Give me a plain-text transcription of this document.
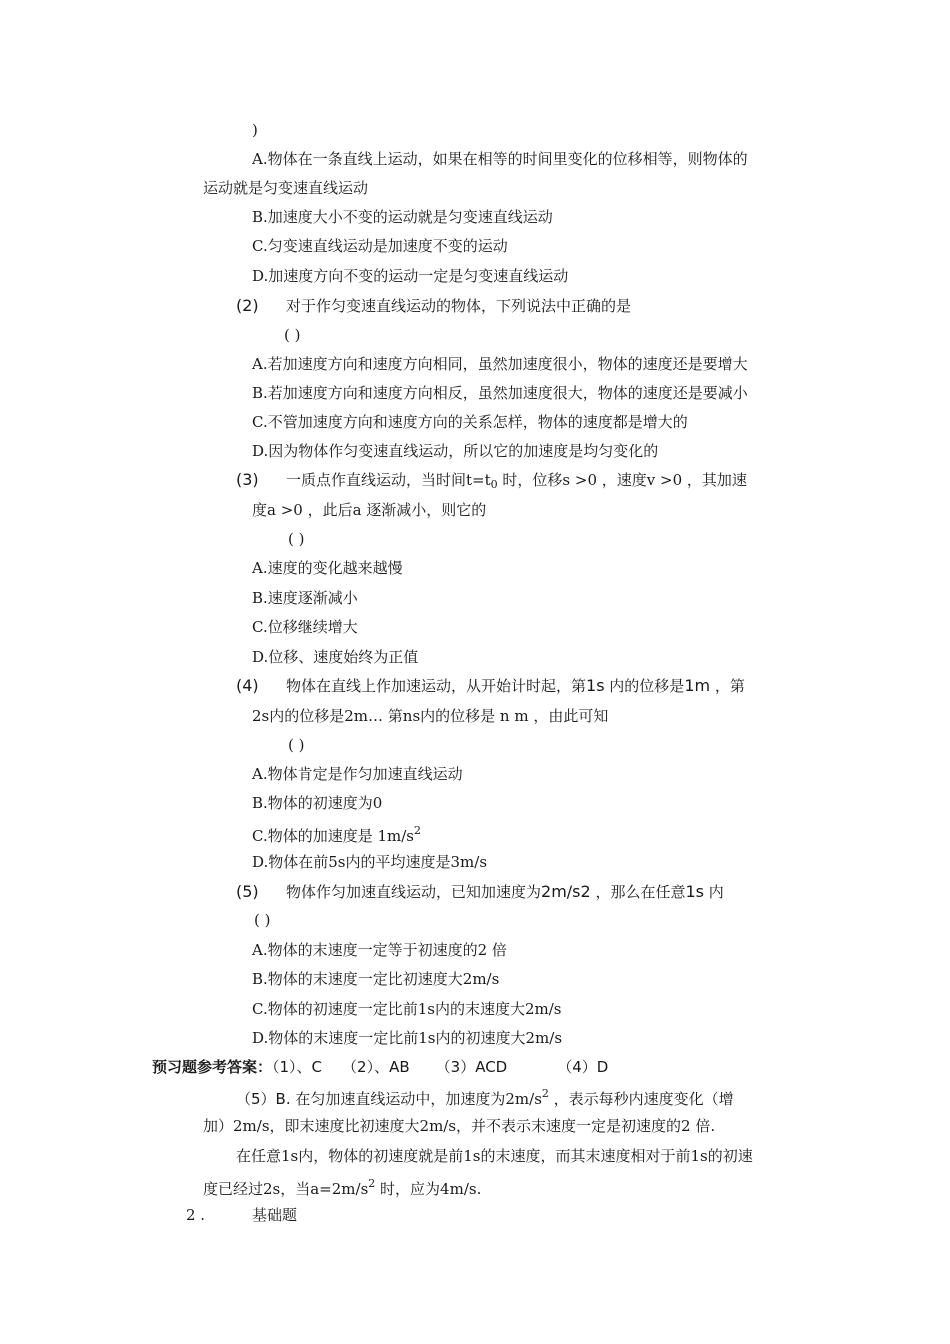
)
A.物体在一条直线上运动，如果在相等的时间里变化的位移相等，则物体的
运动就是匀变速直线运动
B.加速度大小不变的运动就是匀变速直线运动
C.匀变速直线运动是加速度不变的运动
D.加速度方向不变的运动一定是匀变速直线运动
(2) 对于作匀变速直线运动的物体，下列说法中正确的是
( )
A.若加速度方向和速度方向相同，虽然加速度很小，物体的速度还是要增大
B.若加速度方向和速度方向相反，虽然加速度很大，物体的速度还是要减小
C.不管加速度方向和速度方向的关系怎样，物体的速度都是增大的
D.因为物体作匀变速直线运动，所以它的加速度是均匀变化的
(3) 一质点作直线运动，当时间$t=t_0$ 时，位移s >0 ，速度v >0 ，其加速
度a >0 ，此后a 逐渐减小，则它的
( )
A.速度的变化越来越慢
B.速度逐渐减小
C.位移继续增大
D.位移、速度始终为正值
(4) 物体在直线上作加速运动，从开始计时起，第1s 内的位移是1m ，第
2s内的位移是2m… 第ns内的位移是 n m ，由此可知
( )
A.物体肯定是作匀加速直线运动
B.物体的初速度为0
C.物体的加速度是 $1m/s^2$
D.物体在前5s内的平均速度是3m/s
(5) 物体作匀加速直线运动，已知加速度为2m/s2 ，那么在任意1s 内
( )
A.物体的末速度一定等于初速度的2 倍
B.物体的末速度一定比初速度大2m/s
C.物体的初速度一定比前1s内的末速度大2m/s
D.物体的末速度一定比前1s内的初速度大2m/s
预习题参考答案：（1）、C （2）、AB （3）ACD	（4）D
（5）B. 在匀加速直线运动中，加速度为$2m/s^2$ ，表示每秒内速度变化（增
加）2m/s，即末速度比初速度大2m/s，并不表示末速度一定是初速度的2 倍.
在任意1s内，物体的初速度就是前1s的末速度，而其末速度相对于前1s的初速
度已经过2s，当$a=2m/s^2$ 时，应为4m/s.
2 .	基础题
